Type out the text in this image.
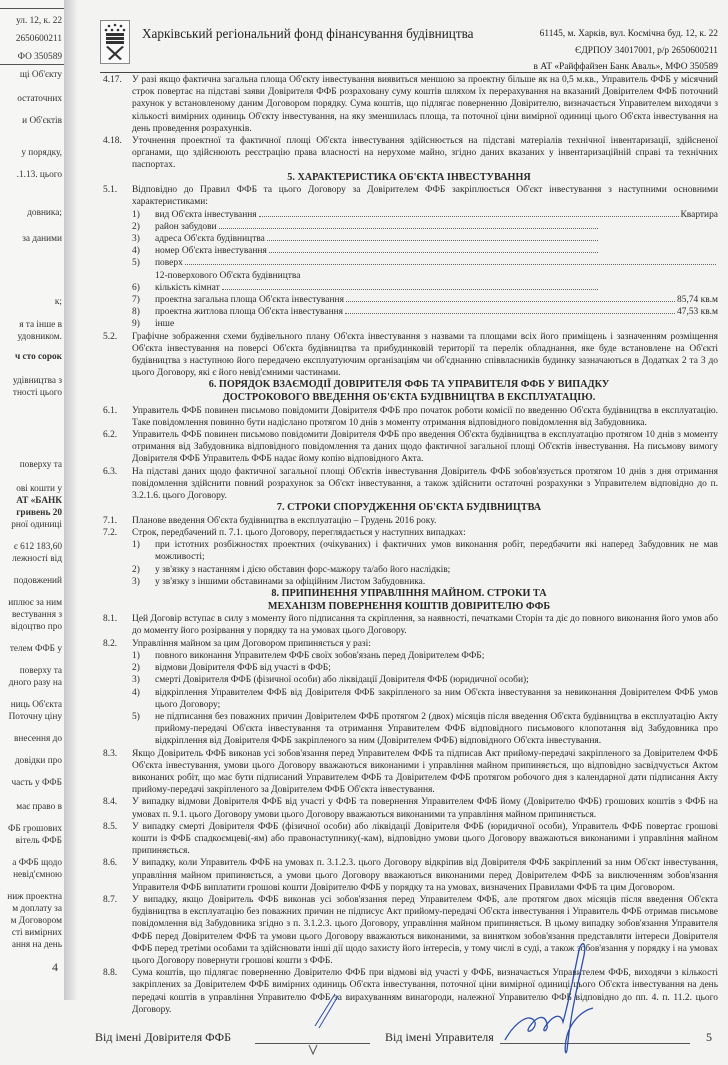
ул. 12, к. 22
2650600211
ФО 350589
щі Об'єкту
остаточних
и Об'єктів
у порядку,
.1.13. цього
довника;
за даними
к;
я та інше в
удовником.
ч сто сорок
удівництва з
тності цього
поверху та
ові кошти у
АТ «БАНК
гривень 20
рної одиниці
є 612 183,60
лежності від
подовжений
иплює за ним
вестування з
відоцтво про
телем ФФБ у
поверху та
дного разу на
ниць Об'єкта
Поточну ціну
внесення до
довідки про
часть у ФФБ
має право в
ФБ грошових
вітель ФФБ
а ФФБ щодо
невід'ємною
ниж проектна
м доплату за
м Договором
сті вимірних
ання на день
4
Харківський регіональний фонд фінансування будівництва	61145, м. Харків, вул. Космічна буд. 12, к. 22
ЄДРПОУ 34017001, р/р 2650600211
в АТ «Райффайзен Банк Аваль», МФО 350589
4.17. У разі якщо фактична загальна площа Об'єкту інвестування виявиться меншою за проектну більше як на 0,5 м.кв., Управитель ФФБ у місячний строк повертає на підставі заяви Довірителя ФФБ розраховану суму коштів шляхом їх перерахування на вказаний Довірителем ФФБ поточний рахунок у встановленому даним Договором порядку. Сума коштів, що підлягає поверненню Довірителю, визначається Управителем виходячи з кількості вимірних одиниць Об'єкту інвестування, на яку зменшилась площа, та поточної ціни вимірної одиниці цього Об'єкта інвестування на день проведення розрахунків.
4.18. Уточнення проектної та фактичної площі Об'єкта інвестування здійснюється на підставі матеріалів технічної інвентаризації, здійсненої органами, що здійснюють реєстрацію права власності на нерухоме майно, згідно даних вказаних у інвентаризаційній справі та технічних паспортах.
5. ХАРАКТЕРИСТИКА ОБ'ЄКТА ІНВЕСТУВАННЯ
5.1. Відповідно до Правил ФФБ та цього Договору за Довірителем ФФБ закріплюється Об'єкт інвестування з наступними основними характеристиками:
1) вид Об'єкта інвестування	Квартира
2) район забудови
3) адреса Об'єкта будівництва
4) номер Об'єкта інвестування
5) поверх
12-поверхового Об'єкта будівництва
6) кількість кімнат
7) проектна загальна площа Об'єкта інвестування	85,74 кв.м
8) проектна житлова площа Об'єкта інвестування	47,53 кв.м
9) інше
5.2. Графічне зображення схеми будівельного плану Об'єкта інвестування з назвами та площами всіх його приміщень і зазначенням розміщення Об'єкта інвестування на поверсі Об'єкта будівництва та прибудинковій території та перелік обладнання, яке буде встановлене на Об'єкті будівництва з наступною його передачею експлуатуючим організаціям чи об'єднанню співвласників будинку зазначаються в Додатках 2 та 3 до цього Договору, які є його невід'ємними частинами.
6. ПОРЯДОК ВЗАЄМОДІЇ ДОВІРИТЕЛЯ ФФБ ТА УПРАВИТЕЛЯ ФФБ У ВИПАДКУ
ДОСТРОКОВОГО ВВЕДЕННЯ ОБ'ЄКТА БУДІВНИЦТВА В ЕКСПЛУАТАЦІЮ.
6.1. Управитель ФФБ повинен письмово повідомити Довірителя ФФБ про початок роботи комісії по введенню Об'єкта будівництва в експлуатацію. Таке повідомлення повинно бути надіслано протягом 10 днів з моменту отримання відповідного повідомлення від Забудовника.
6.2. Управитель ФФБ повинен письмово повідомити Довірителя ФФБ про введення Об'єкта будівництва в експлуатацію протягом 10 днів з моменту отримання від Забудовника відповідного повідомлення та даних щодо фактичної загальної площі Об'єктів інвестування. На письмову вимогу Довірителя ФФБ Управитель ФФБ надає йому копію відповідного Акта.
6.3. На підставі даних щодо фактичної загальної площі Об'єктів інвестування Довіритель ФФБ зобов'язується протягом 10 днів з дня отримання повідомлення здійснити повний розрахунок за Об'єкт інвестування, а також здійснити остаточні розрахунки з Управителем відповідно до п. 3.2.1.6. цього Договору.
7. СТРОКИ СПОРУДЖЕННЯ ОБ'ЄКТА БУДІВНИЦТВА
7.1. Планове введення Об'єкта будівництва в експлуатацію – Грудень 2016 року.
7.2. Строк, передбачений п. 7.1. цього Договору, переглядається у наступних випадках:
1) при істотних розбіжностях проектних (очікуваних) і фактичних умов виконання робіт, передбачити які наперед Забудовник не мав можливості;
2) у зв'язку з настанням і дією обставин форс-мажору та/або його наслідків;
3) у зв'язку з іншими обставинами за офіційним Листом Забудовника.
8. ПРИПИНЕННЯ УПРАВЛІННЯ МАЙНОМ. СТРОКИ ТА
МЕХАНІЗМ ПОВЕРНЕННЯ КОШТІВ ДОВІРИТЕЛЮ ФФБ
8.1. Цей Договір вступає в силу з моменту його підписання та скріплення, за наявності, печатками Сторін та діє до повного виконання його умов або до моменту його розірвання у порядку та на умовах цього Договору.
8.2. Управління майном за цим Договором припиняється у разі:
1) повного виконання Управителем ФФБ своїх зобов'язань перед Довірителем ФФБ;
2) відмови Довірителя ФФБ від участі в ФФБ;
3) смерті Довірителя ФФБ (фізичної особи) або ліквідації Довірителя ФФБ (юридичної особи);
4) відкріплення Управителем ФФБ від Довірителя ФФБ закріпленого за ним Об'єкта інвестування за невиконання Довірителем ФФБ умов цього Договору;
5) не підписання без поважних причин Довірителем ФФБ протягом 2 (двох) місяців після введення Об'єкта будівництва в експлуатацію Акту прийому-передачі Об'єкта інвестування та отримання Управителем ФФБ відповідного письмового клопотання від Забудовника про відкріплення від Довірителя ФФБ закріпленого за ним (Довірителем ФФБ) відповідного Об'єкта інвестування.
8.3. Якщо Довіритель ФФБ виконав усі зобов'язання перед Управителем ФФБ та підписав Акт прийому-передачі закріпленого за Довірителем ФФБ Об'єкта інвестування, умови цього Договору вважаються виконаними і управління майном припиняється, що відповідно засвідчується Актом виконаних робіт, що має бути підписаний Управителем ФФБ та Довірителем ФФБ протягом робочого дня з календарної дати підписання Акту прийому-передачі закріпленого за Довірителем ФФБ Об'єкта інвестування.
8.4. У випадку відмови Довірителя ФФБ від участі у ФФБ та повернення Управителем ФФБ йому (Довірителю ФФБ) грошових коштів з ФФБ на умовах п. 9.1. цього Договору умови цього Договору вважаються виконаними та управління майном припиняється.
8.5. У випадку смерті Довірителя ФФБ (фізичної особи) або ліквідації Довірителя ФФБ (юридичної особи), Управитель ФФБ повертає грошові кошти із ФФБ спадкоємцеві(-ям) або правонаступнику(-кам), відповідно умови цього Договору вважаються виконаними і управління майном припиняється.
8.6. У випадку, коли Управитель ФФБ на умовах п. 3.1.2.3. цього Договору відкріпив від Довірителя ФФБ закріплений за ним Об'єкт інвестування, управління майном припиняється, а умови цього Договору вважаються виконаними перед Довірителем ФФБ за виключенням зобов'язання Управителя ФФБ виплатити грошові кошти Довірителю ФФБ у порядку та на умовах, визначених Правилами ФФБ та цим Договором.
8.7. У випадку, якщо Довіритель ФФБ виконав усі зобов'язання перед Управителем ФФБ, але протягом двох місяців після введення Об'єкта будівництва в експлуатацію без поважних причин не підписує Акт прийому-передачі Об'єкта інвестування і Управитель ФФБ отримав письмове повідомлення від Забудовника згідно з п. 3.1.2.3. цього Договору, управління майном припиняється. В цьому випадку зобов'язання Управителя ФФБ перед Довірителем ФФБ та умови цього Договору вважаються виконаними, за винятком зобов'язання представляти інтереси Довірителя ФФБ перед третіми особами та здійснювати інші дії щодо захисту його інтересів, у тому числі в суді, а також зобов'язання у порядку і на умовах цього Договору повернути грошові кошти з ФФБ.
8.8. Сума коштів, що підлягає поверненню Довірителю ФФБ при відмові від участі у ФФБ, визначається Управителем ФФБ, виходячи з кількості закріплених за Довірителем ФФБ вимірних одиниць Об'єкта інвестування, поточної ціни вимірної одиниці цього Об'єкта інвестування на день передачі коштів в управління Управителю ФФБ за вирахуванням винагороди, належної Управителю ФФБ відповідно до пп. 4. п. 11.2. цього Договору.
Від імені Довірителя ФФБ	Від імені Управителя	5
